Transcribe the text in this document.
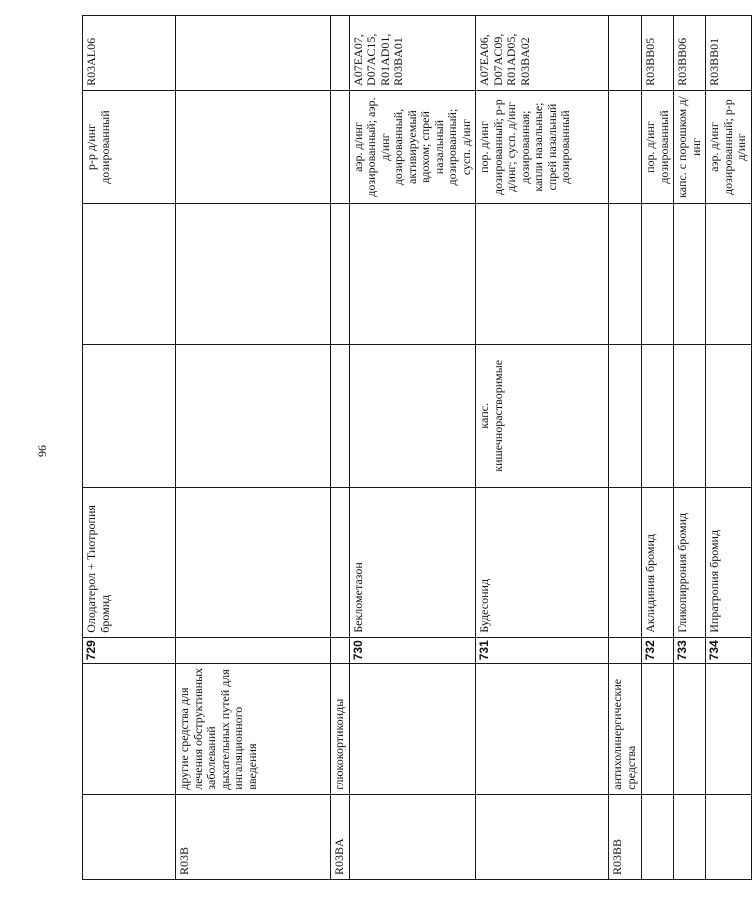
96
		729	Олодатерол + Тиотропия бромид			р-р д/инг дозированный	R03AL06
R03B	другие средства для лечения обструктивных заболеваний дыхательных путей для ингаляционного введения						
R03BA	глюкокортикоиды						
		730	Беклометазон			аэр. д/инг дозированный; аэр. д/инг дозированный, активируемый вдохом; спрей назальный дозированный; сусп. д/инг	A07EA07, D07AC15, R01AD01, R03BA01
		731	Будесонид	капс. кишечнорастворимые		пор. д/инг дозированный; р-р д/инг; сусп. д/инг дозированная; капли назальные; спрей назальный дозированный	A07EA06, D07AC09, R01AD05, R03BA02
R03BB	антихолинергические средства						
		732	Аклидиния бромид			пор. д/инг дозированный	R03BB05
		733	Гликопиррония бромид			капс. с порошком д/инг	R03BB06
		734	Ипратропия бромид			аэр. д/инг дозированный; р-р д/инг	R03BB01
